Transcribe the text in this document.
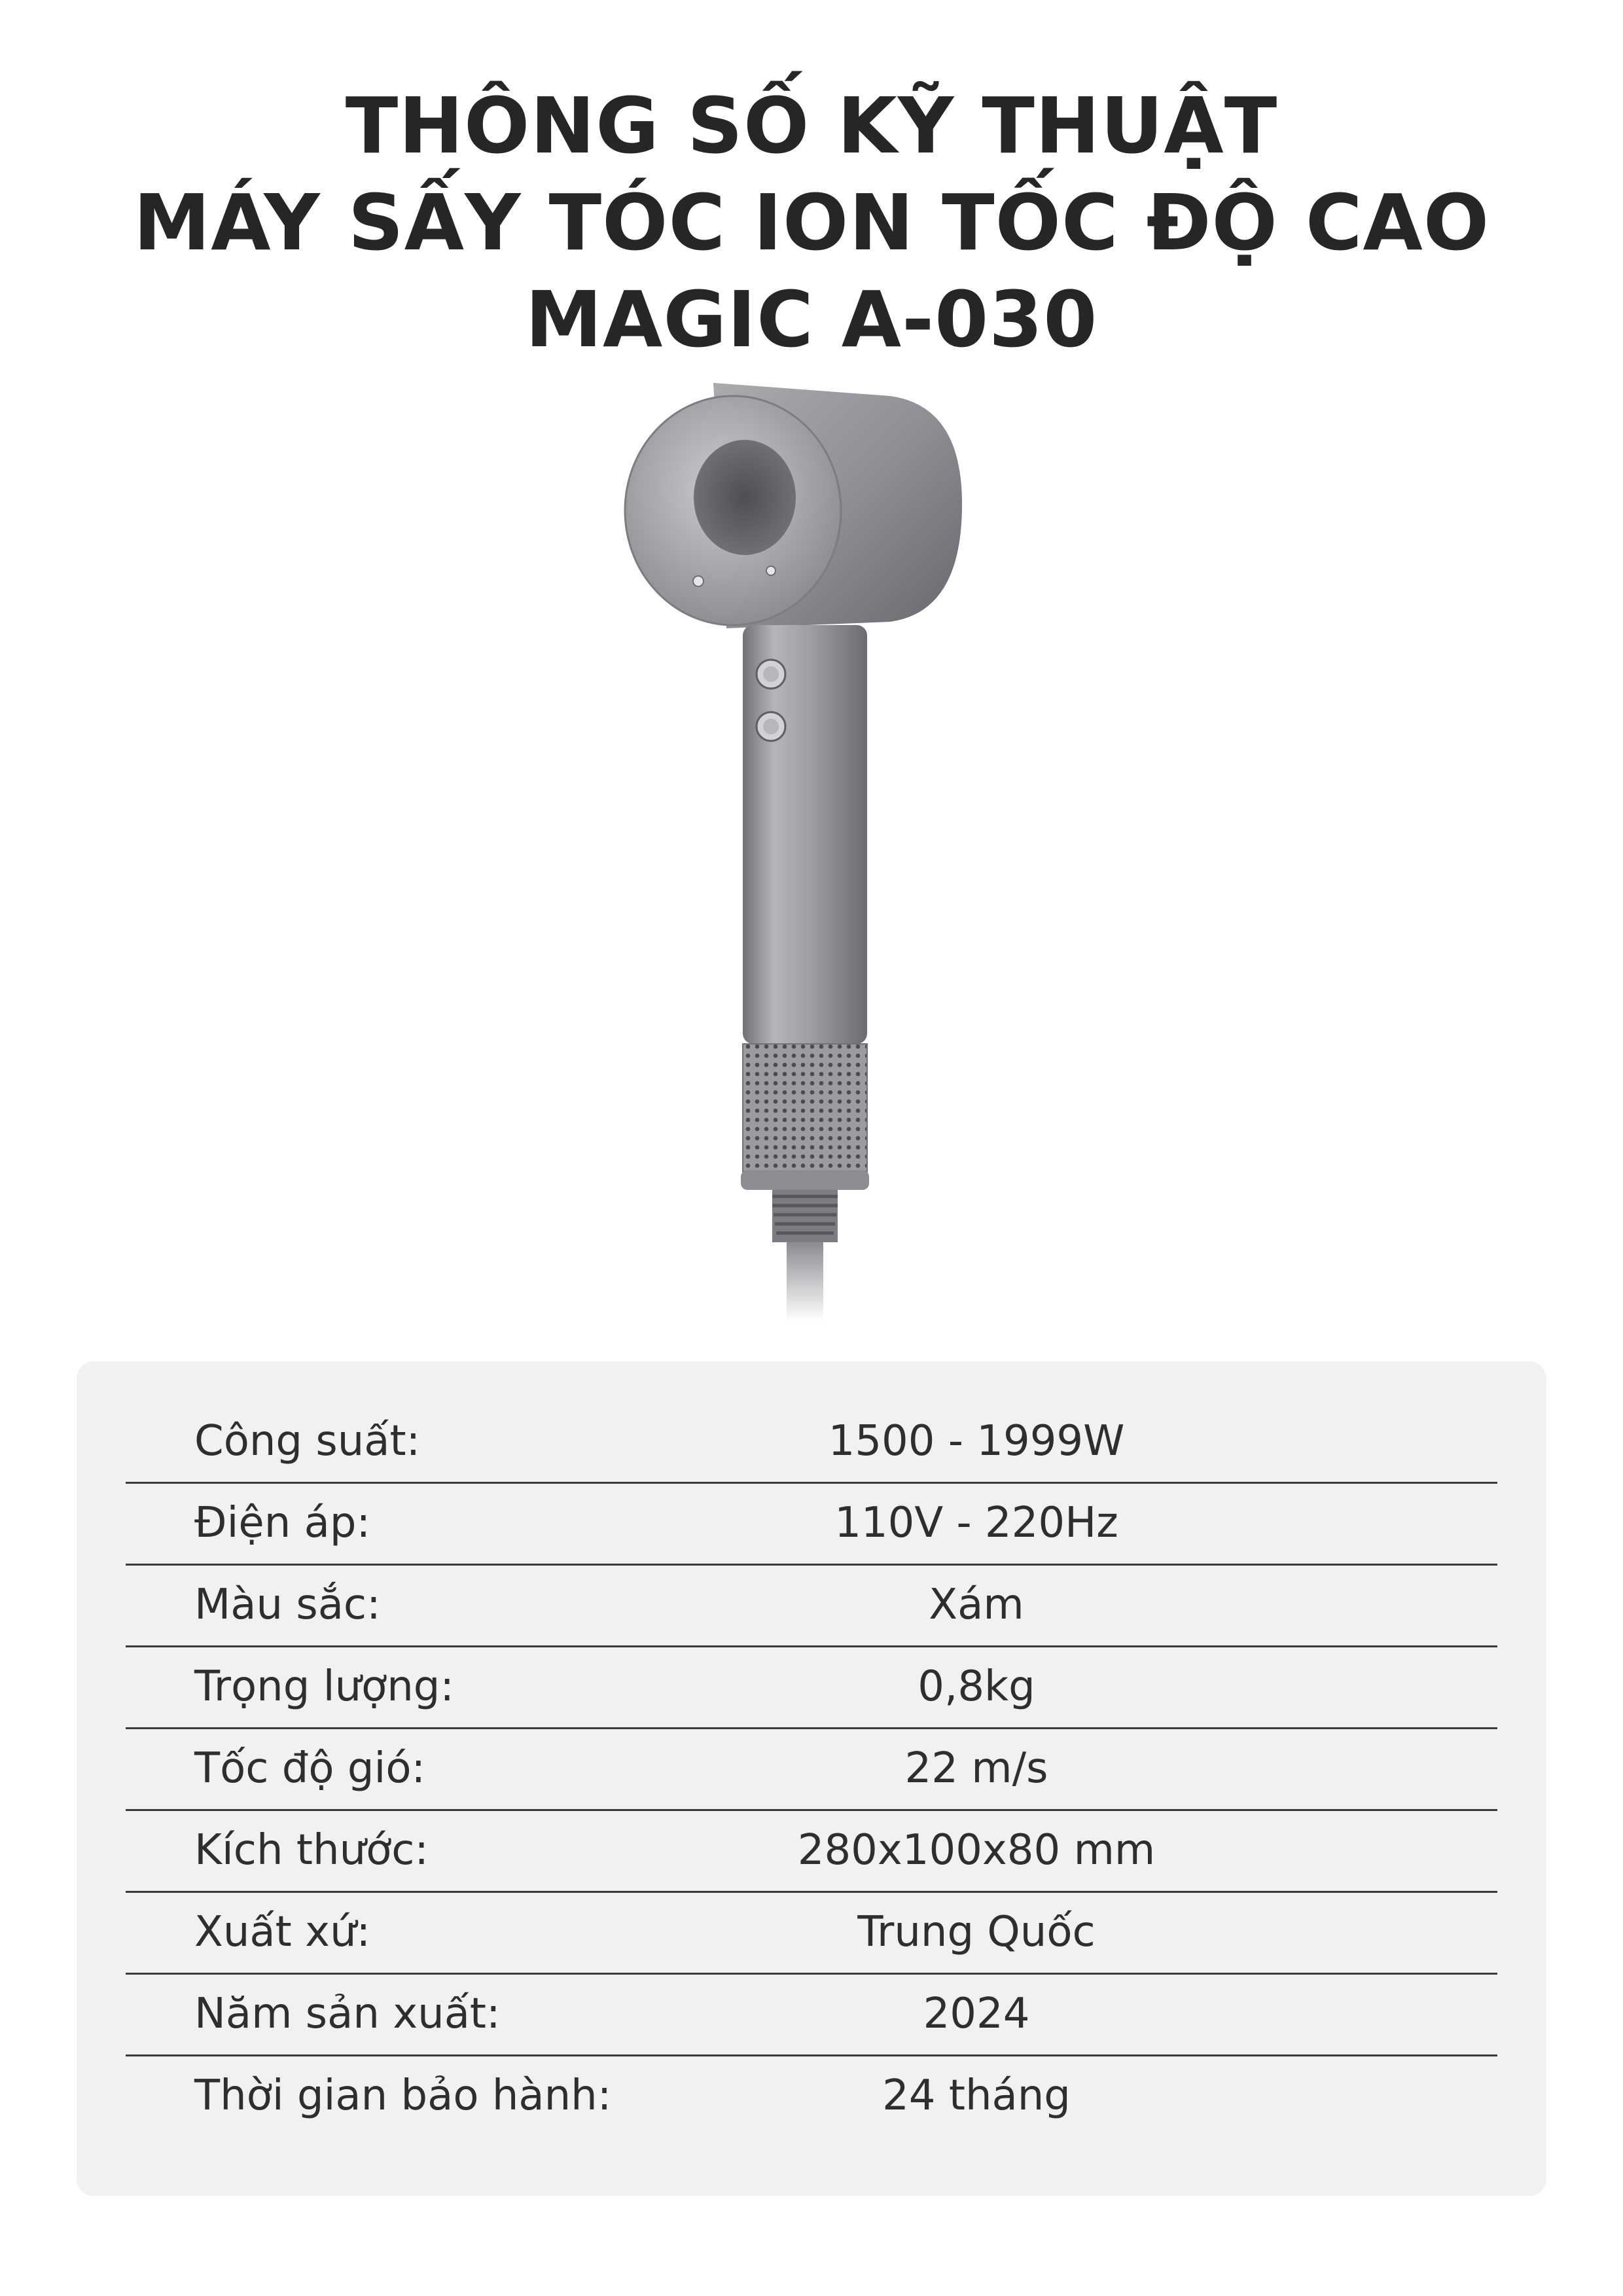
THÔNG SỐ KỸ THUẬT
MÁY SẤY TÓC ION TỐC ĐỘ CAO
MAGIC A-030
Công suất:	1500 - 1999W
Điện áp:	110V - 220Hz
Màu sắc:	Xám
Trọng lượng:	0,8kg
Tốc độ gió:	22 m/s
Kích thước:	280x100x80 mm
Xuất xứ:	Trung Quốc
Năm sản xuất:	2024
Thời gian bảo hành:	24 tháng
